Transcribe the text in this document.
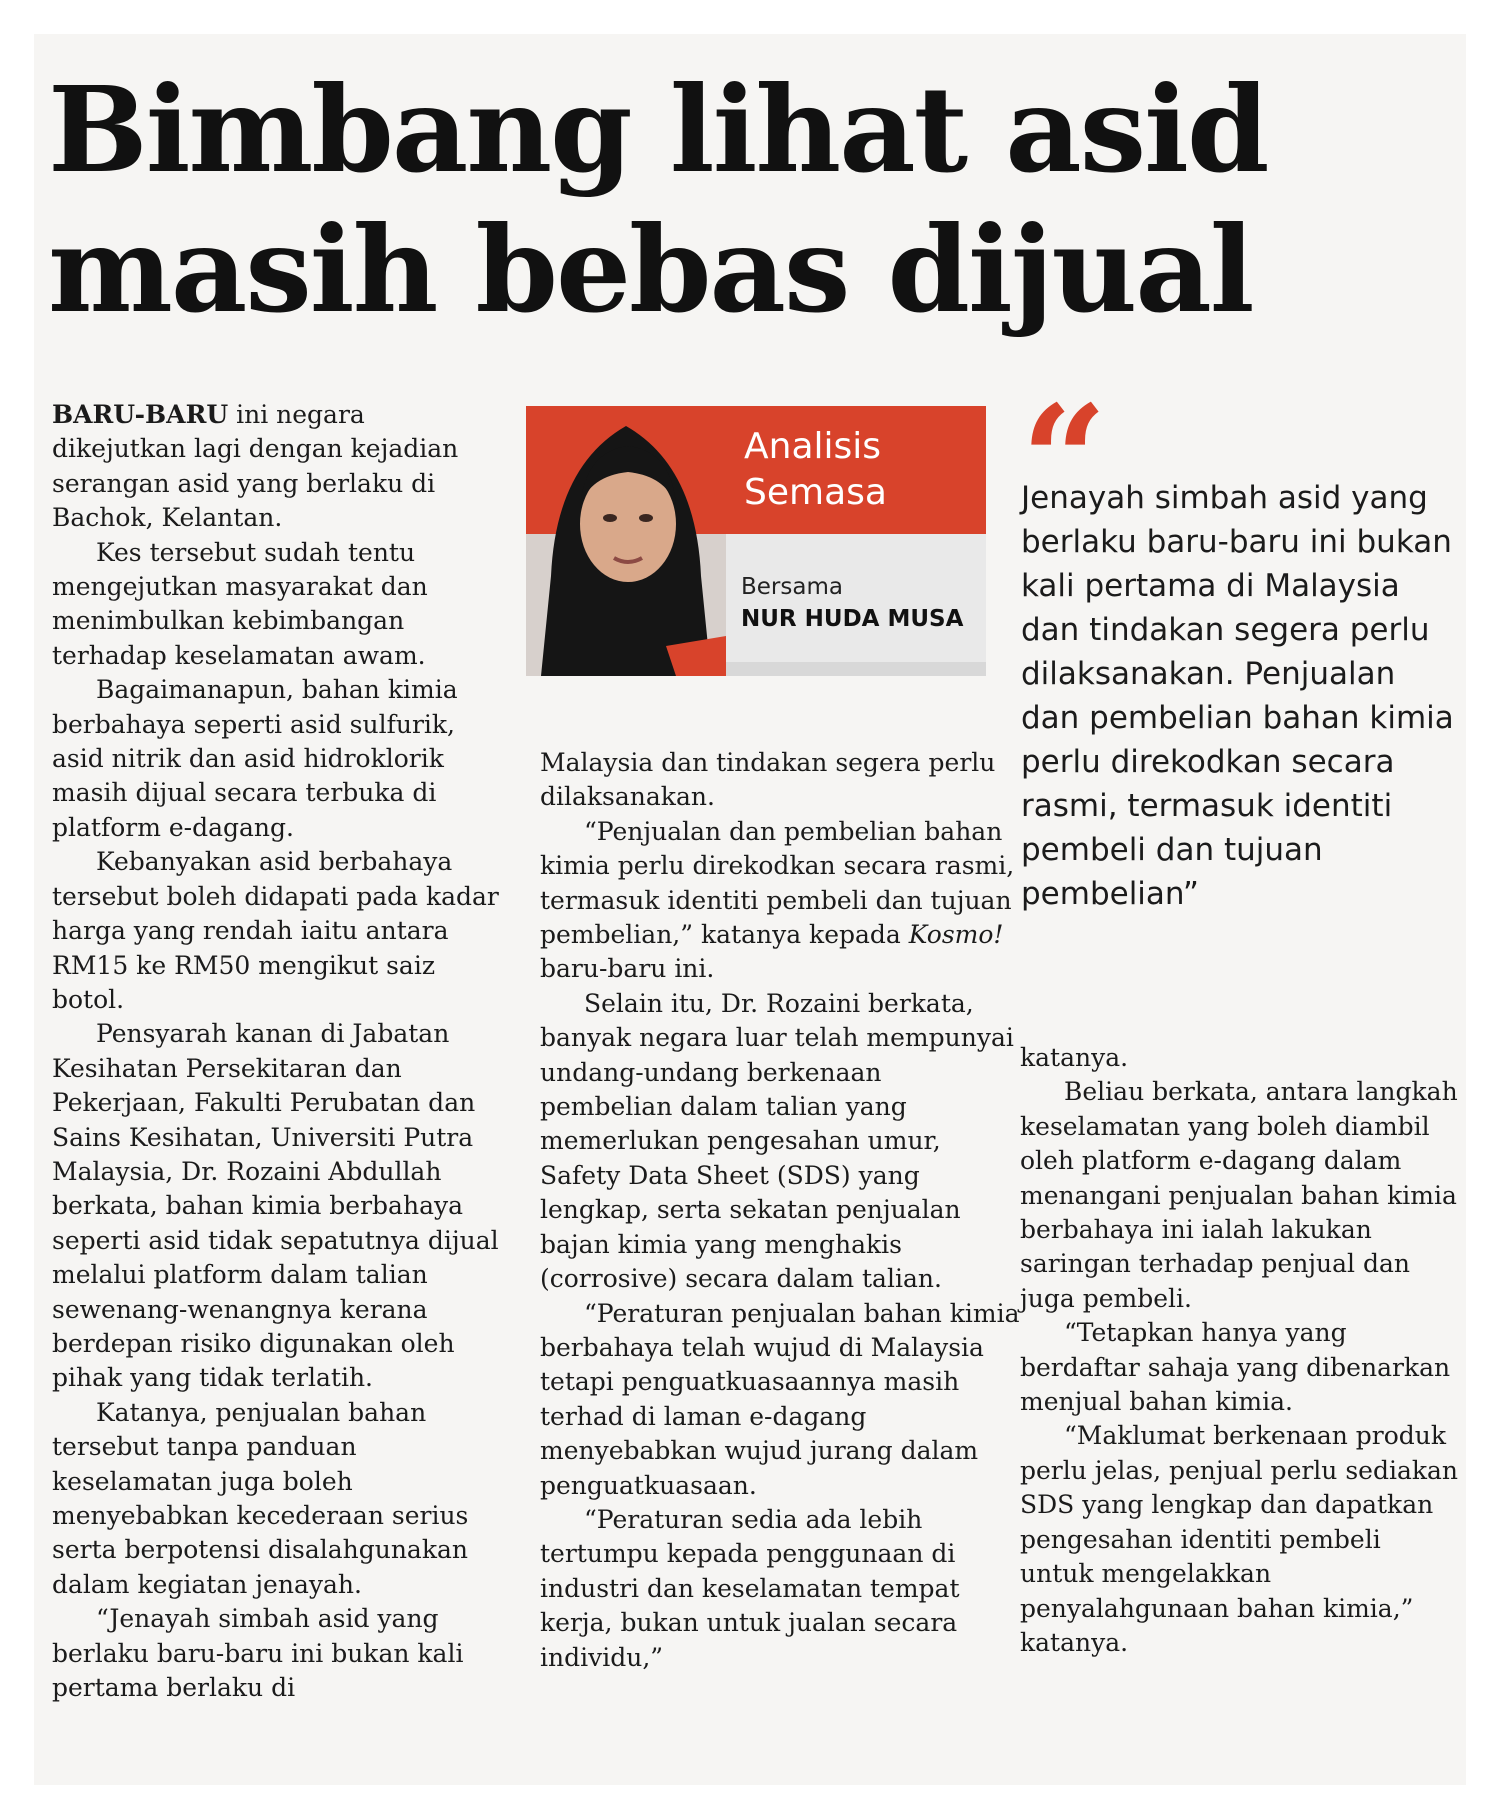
Bimbang lihat asid
masih bebas dijual

BARU-BARU ini negara dikejutkan lagi dengan kejadian serangan asid yang berlaku di Bachok, Kelantan.

Kes tersebut sudah tentu mengejutkan masyarakat dan menimbulkan kebimbangan terhadap keselamatan awam.

Bagaimanapun, bahan kimia berbahaya seperti asid sulfurik, asid nitrik dan asid hidroklorik masih dijual secara terbuka di platform e-dagang.

Kebanyakan asid berbahaya tersebut boleh didapati pada kadar harga yang rendah iaitu antara RM15 ke RM50 mengikut saiz botol.

Pensyarah kanan di Jabatan Kesihatan Persekitaran dan Pekerjaan, Fakulti Perubatan dan Sains Kesihatan, Universiti Putra Malaysia, Dr. Rozaini Abdullah berkata, bahan kimia berbahaya seperti asid tidak sepatutnya dijual melalui platform dalam talian sewenang-wenangnya kerana berdepan risiko digunakan oleh pihak yang tidak terlatih.

Katanya, penjualan bahan tersebut tanpa panduan keselamatan juga boleh menyebabkan kecederaan serius serta berpotensi disalahgunakan dalam kegiatan jenayah.

“Jenayah simbah asid yang berlaku baru-baru ini bukan kali pertama berlaku di

Analisis
Semasa
Bersama
NUR HUDA MUSA

Malaysia dan tindakan segera perlu dilaksanakan.

“Penjualan dan pembelian bahan kimia perlu direkodkan secara rasmi, termasuk identiti pembeli dan tujuan pembelian,” katanya kepada Kosmo! baru-baru ini.

Selain itu, Dr. Rozaini berkata, banyak negara luar telah mempunyai undang-undang berkenaan pembelian dalam talian yang memerlukan pengesahan umur, Safety Data Sheet (SDS) yang lengkap, serta sekatan penjualan bajan kimia yang menghakis (corrosive) secara dalam talian.

“Peraturan penjualan bahan kimia berbahaya telah wujud di Malaysia tetapi penguatkuasaannya masih terhad di laman e-dagang menyebabkan wujud jurang dalam penguatkuasaan.

“Peraturan sedia ada lebih tertumpu kepada penggunaan di industri dan keselamatan tempat kerja, bukan untuk jualan secara individu,”

“

Jenayah simbah asid yang berlaku baru-baru ini bukan kali pertama di Malaysia dan tindakan segera perlu dilaksanakan. Penjualan dan pembelian bahan kimia perlu direkodkan secara rasmi, termasuk identiti pembeli dan tujuan pembelian”

katanya.

Beliau berkata, antara langkah keselamatan yang boleh diambil oleh platform e-dagang dalam menangani penjualan bahan kimia berbahaya ini ialah lakukan saringan terhadap penjual dan juga pembeli.

“Tetapkan hanya yang berdaftar sahaja yang dibenarkan menjual bahan kimia.

“Maklumat berkenaan produk perlu jelas, penjual perlu sediakan SDS yang lengkap dan dapatkan pengesahan identiti pembeli untuk mengelakkan penyalahgunaan bahan kimia,” katanya.
